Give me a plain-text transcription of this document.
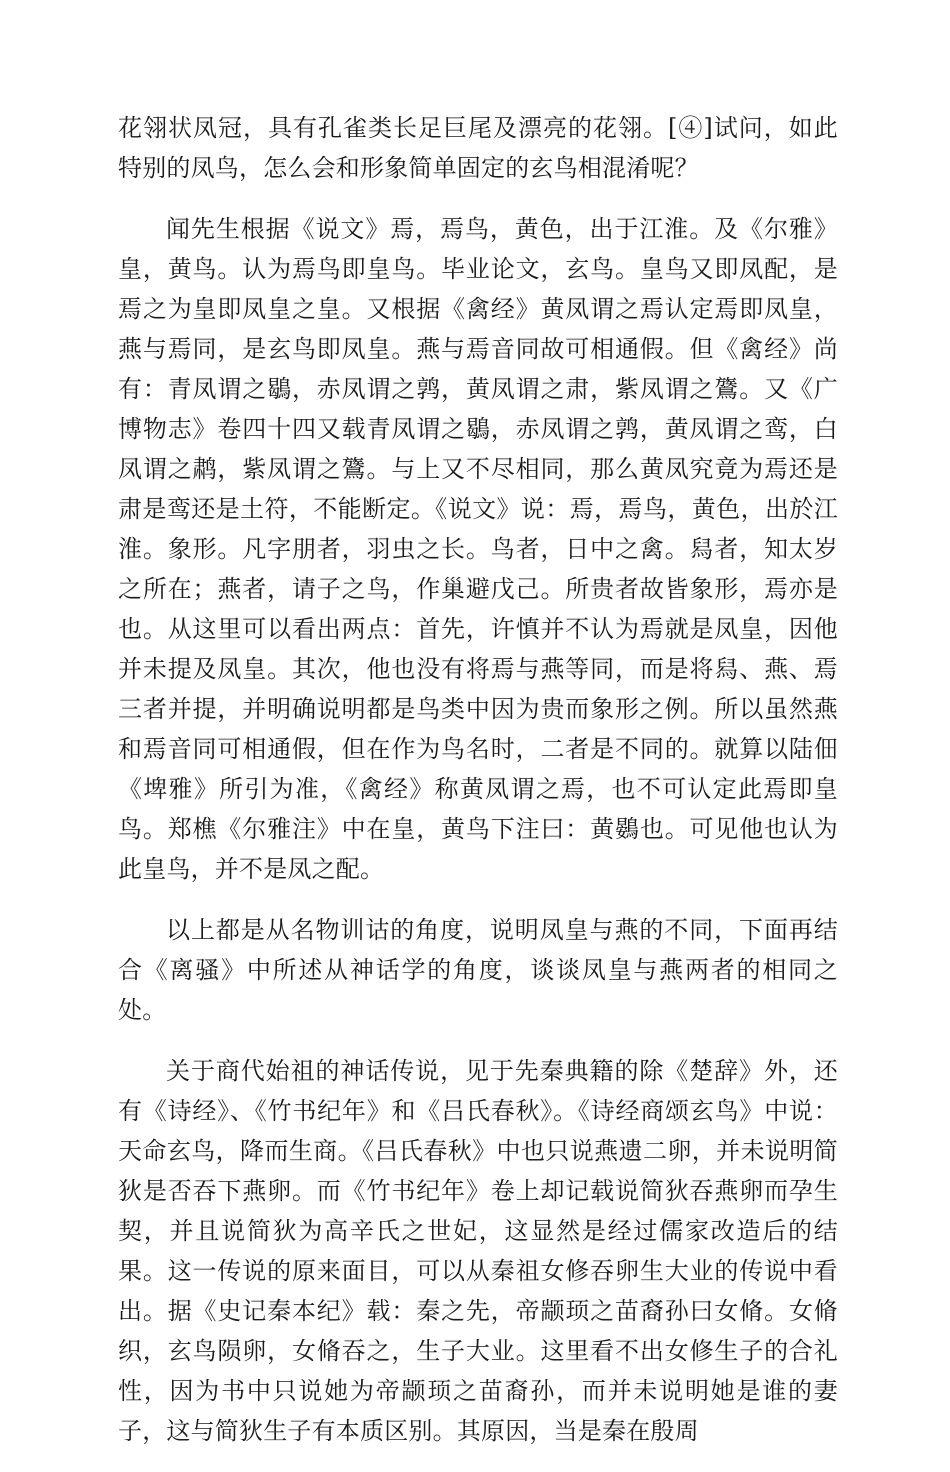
花翎状凤冠，具有孔雀类长足巨尾及漂亮的花翎。[④]试问，如此特别的凤鸟，怎么会和形象简单固定的玄鸟相混淆呢？

闻先生根据《说文》焉，焉鸟，黄色，出于江淮。及《尔雅》皇，黄鸟。认为焉鸟即皇鸟。毕业论文，玄鸟。皇鸟又即凤配，是焉之为皇即凤皇之皇。又根据《禽经》黄凤谓之焉认定焉即凤皇，燕与焉同，是玄鸟即凤皇。燕与焉音同故可相通假。但《禽经》尚有：青凤谓之鶡，赤凤谓之鹑，黄凤谓之肃，紫凤谓之鷟。又《广博物志》卷四十四又载青凤谓之鶡，赤凤谓之鹑，黄凤谓之鸾，白凤谓之鹔，紫凤谓之鷟。与上又不尽相同，那么黄凤究竟为焉还是肃是鸾还是土符，不能断定。《说文》说：焉，焉鸟，黄色，出於江淮。象形。凡字朋者，羽虫之长。鸟者，日中之禽。舄者，知太岁之所在；燕者，请子之鸟，作巢避戊己。所贵者故皆象形，焉亦是也。从这里可以看出两点：首先，许慎并不认为焉就是凤皇，因他并未提及凤皇。其次，他也没有将焉与燕等同，而是将舄、燕、焉三者并提，并明确说明都是鸟类中因为贵而象形之例。所以虽然燕和焉音同可相通假，但在作为鸟名时，二者是不同的。就算以陆佃《埤雅》所引为准，《禽经》称黄凤谓之焉，也不可认定此焉即皇鸟。郑樵《尔雅注》中在皇，黄鸟下注曰：黄鷃也。可见他也认为此皇鸟，并不是凤之配。

以上都是从名物训诂的角度，说明凤皇与燕的不同，下面再结合《离骚》中所述从神话学的角度，谈谈凤皇与燕两者的相同之处。

关于商代始祖的神话传说，见于先秦典籍的除《楚辞》外，还有《诗经》、《竹书纪年》和《吕氏春秋》。《诗经商颂玄鸟》中说：天命玄鸟，降而生商。《吕氏春秋》中也只说燕遗二卵，并未说明简狄是否吞下燕卵。而《竹书纪年》卷上却记载说简狄吞燕卵而孕生契，并且说简狄为高辛氏之世妃，这显然是经过儒家改造后的结果。这一传说的原来面目，可以从秦祖女修吞卵生大业的传说中看出。据《史记秦本纪》载：秦之先，帝颛顼之苗裔孙曰女脩。女脩织，玄鸟陨卵，女脩吞之，生子大业。这里看不出女修生子的合礼性，因为书中只说她为帝颛顼之苗裔孙，而并未说明她是谁的妻子，这与简狄生子有本质区别。其原因，当是秦在殷周
